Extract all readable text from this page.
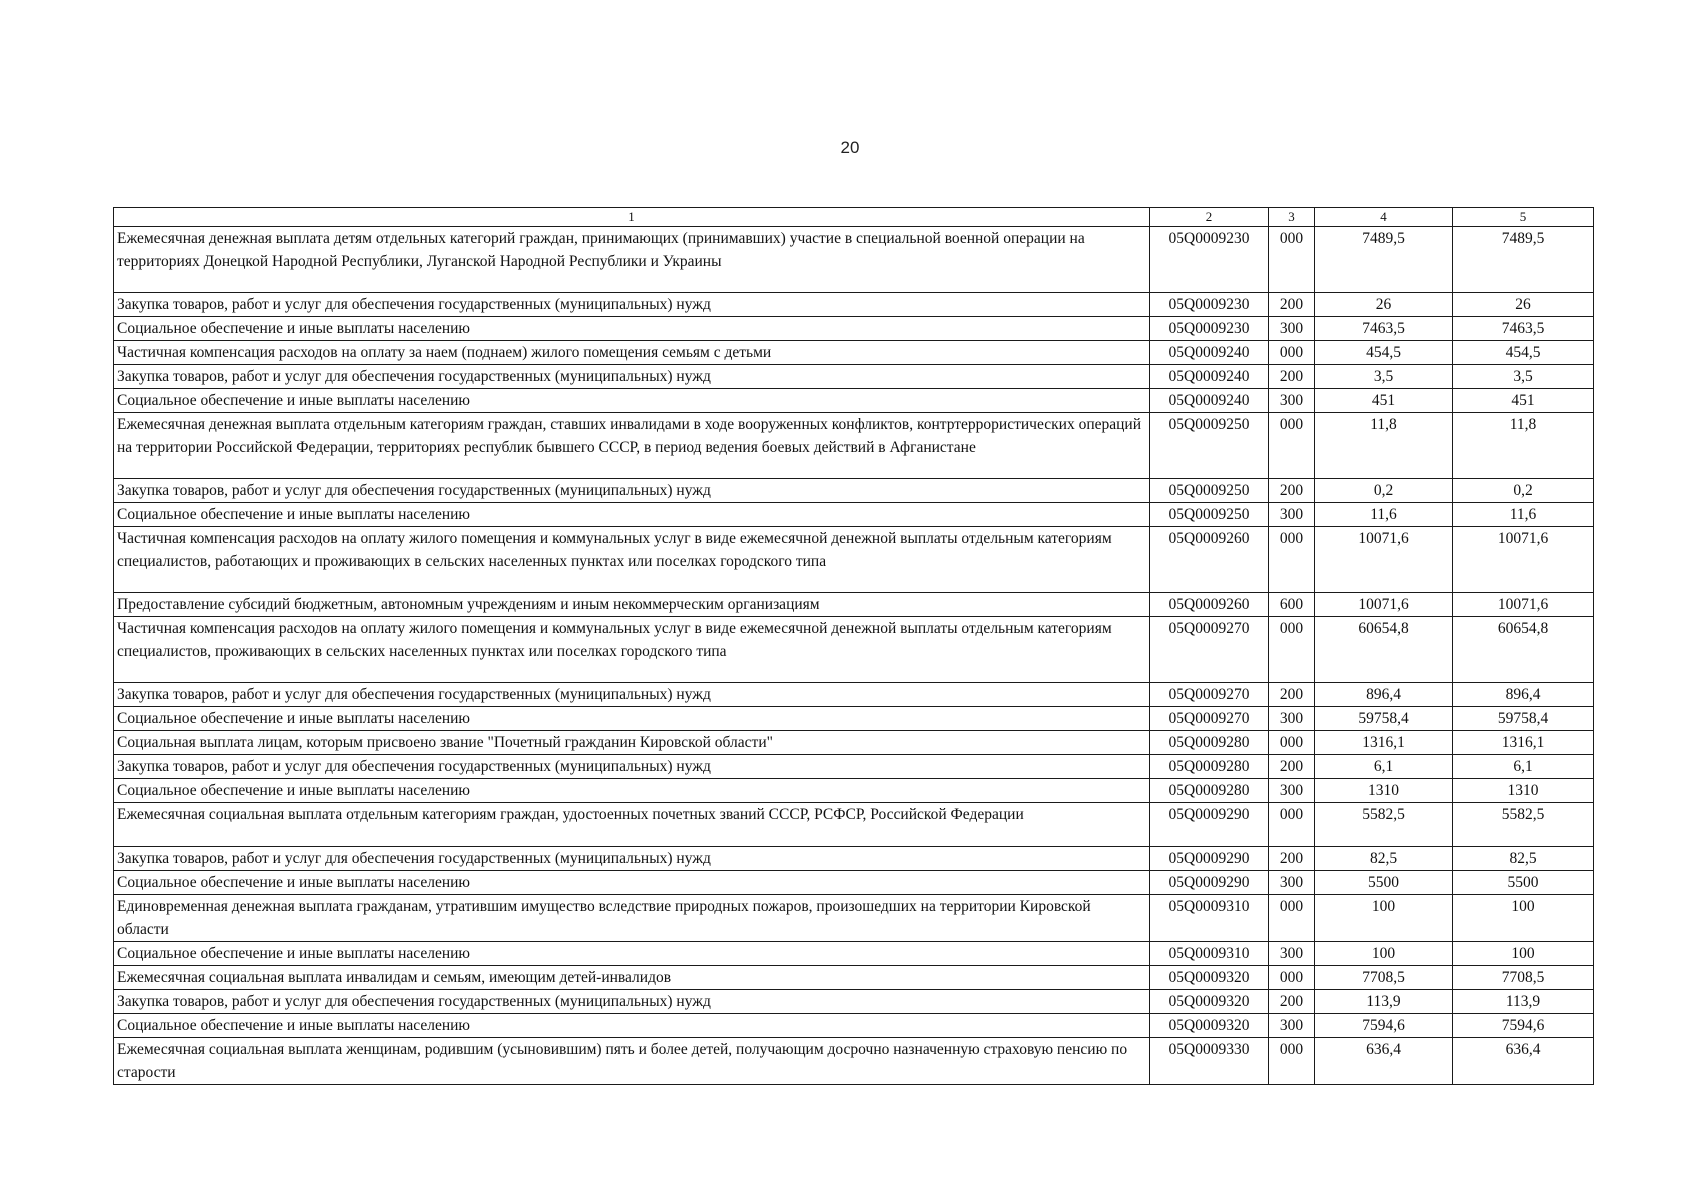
20
1	2	3	4	5
Ежемесячная денежная выплата детям отдельных категорий граждан, принимающих (принимавших) участие в специальной военной операции на территориях Донецкой Народной Республики, Луганской Народной Республики и Украины	05Q0009230	000	7489,5	7489,5
Закупка товаров, работ и услуг для обеспечения государственных (муниципальных) нужд	05Q0009230	200	26	26
Социальное обеспечение и иные выплаты населению	05Q0009230	300	7463,5	7463,5
Частичная компенсация расходов на оплату за наем (поднаем) жилого помещения семьям с детьми	05Q0009240	000	454,5	454,5
Закупка товаров, работ и услуг для обеспечения государственных (муниципальных) нужд	05Q0009240	200	3,5	3,5
Социальное обеспечение и иные выплаты населению	05Q0009240	300	451	451
Ежемесячная денежная выплата отдельным категориям граждан, ставших инвалидами в ходе вооруженных конфликтов, контртеррористических операций на территории Российской Федерации, территориях республик бывшего СССР, в период ведения боевых действий в Афганистане	05Q0009250	000	11,8	11,8
Закупка товаров, работ и услуг для обеспечения государственных (муниципальных) нужд	05Q0009250	200	0,2	0,2
Социальное обеспечение и иные выплаты населению	05Q0009250	300	11,6	11,6
Частичная компенсация расходов на оплату жилого помещения и коммунальных услуг в виде ежемесячной денежной выплаты отдельным категориям специалистов, работающих и проживающих в сельских населенных пунктах или поселках городского типа	05Q0009260	000	10071,6	10071,6
Предоставление субсидий бюджетным, автономным учреждениям и иным некоммерческим организациям	05Q0009260	600	10071,6	10071,6
Частичная компенсация расходов на оплату жилого помещения и коммунальных услуг в виде ежемесячной денежной выплаты отдельным категориям специалистов, проживающих в сельских населенных пунктах или поселках городского типа	05Q0009270	000	60654,8	60654,8
Закупка товаров, работ и услуг для обеспечения государственных (муниципальных) нужд	05Q0009270	200	896,4	896,4
Социальное обеспечение и иные выплаты населению	05Q0009270	300	59758,4	59758,4
Социальная выплата лицам, которым присвоено звание "Почетный гражданин Кировской области"	05Q0009280	000	1316,1	1316,1
Закупка товаров, работ и услуг для обеспечения государственных (муниципальных) нужд	05Q0009280	200	6,1	6,1
Социальное обеспечение и иные выплаты населению	05Q0009280	300	1310	1310
Ежемесячная социальная выплата отдельным категориям граждан, удостоенных почетных званий СССР, РСФСР, Российской Федерации	05Q0009290	000	5582,5	5582,5
Закупка товаров, работ и услуг для обеспечения государственных (муниципальных) нужд	05Q0009290	200	82,5	82,5
Социальное обеспечение и иные выплаты населению	05Q0009290	300	5500	5500
Единовременная денежная выплата гражданам, утратившим имущество вследствие природных пожаров, произошедших на территории Кировской области	05Q0009310	000	100	100
Социальное обеспечение и иные выплаты населению	05Q0009310	300	100	100
Ежемесячная социальная выплата инвалидам и семьям, имеющим детей-инвалидов	05Q0009320	000	7708,5	7708,5
Закупка товаров, работ и услуг для обеспечения государственных (муниципальных) нужд	05Q0009320	200	113,9	113,9
Социальное обеспечение и иные выплаты населению	05Q0009320	300	7594,6	7594,6
Ежемесячная социальная выплата женщинам, родившим (усыновившим) пять и более детей, получающим досрочно назначенную страховую пенсию по старости	05Q0009330	000	636,4	636,4
